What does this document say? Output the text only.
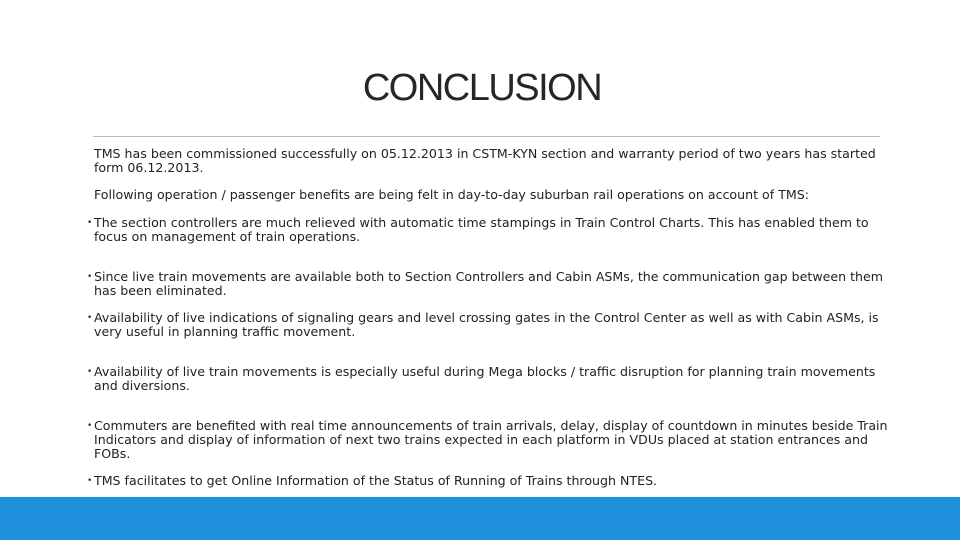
CONCLUSION

TMS has been commissioned successfully on 05.12.2013 in CSTM-KYN section and warranty period of two years has started form 06.12.2013.

Following operation / passenger benefits are being felt in day-to-day suburban rail operations on account of TMS:

• The section controllers are much relieved with automatic time stampings in Train Control Charts. This has enabled them to focus on management of train operations.
• Since live train movements are available both to Section Controllers and Cabin ASMs, the communication gap between them has been eliminated.
• Availability of live indications of signaling gears and level crossing gates in the Control Center as well as with Cabin ASMs, is very useful in planning traffic movement.
• Availability of live train movements is especially useful during Mega blocks / traffic disruption for planning train movements and diversions.
• Commuters are benefited with real time announcements of train arrivals, delay, display of countdown in minutes beside Train Indicators and display of information of next two trains expected in each platform in VDUs placed at station entrances and FOBs.
• TMS facilitates to get Online Information of the Status of Running of Trains through NTES.
